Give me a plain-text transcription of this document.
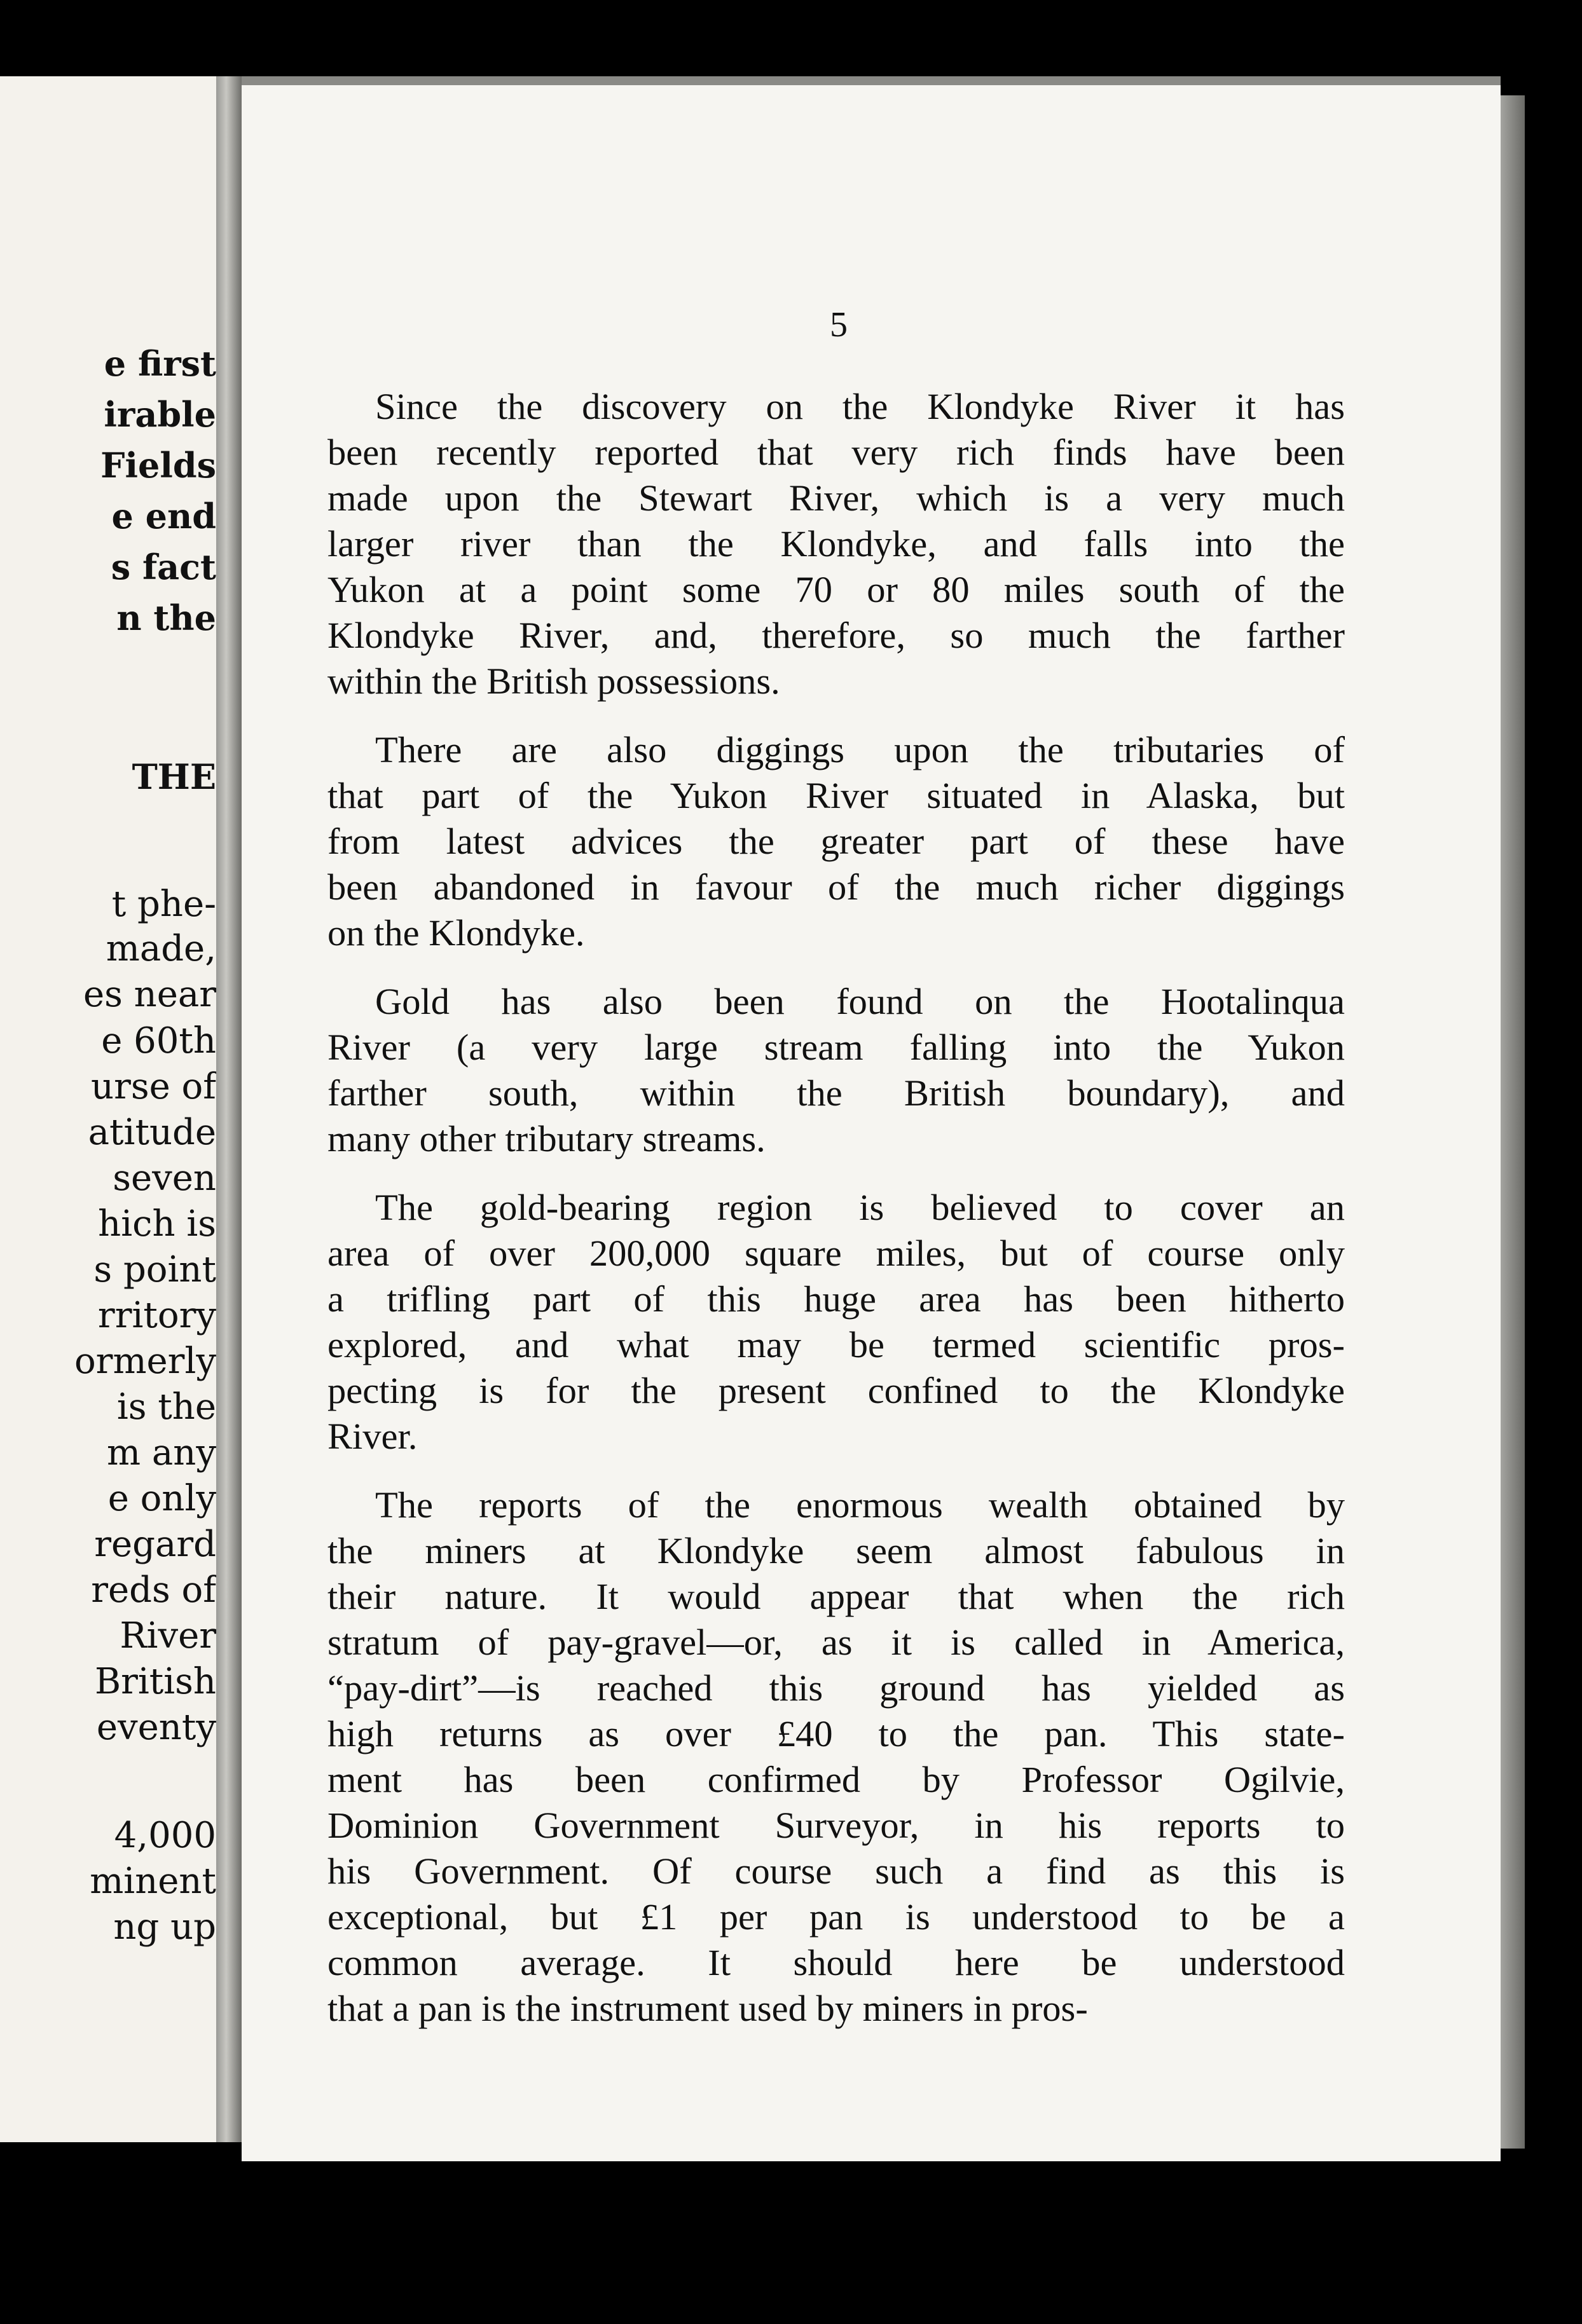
e first
irable
Fields
e end
s fact
n the
THE
t phe-
made,
es near
e 60th
urse of
atitude
seven
hich is
s point
rritory
ormerly
is the
m any
e only
regard
reds of
River
British
eventy
4,000
minent
ng up
5
Since the discovery on the Klondyke River it has
been recently reported that very rich finds have been
made upon the Stewart River, which is a very much
larger river than the Klondyke, and falls into the
Yukon at a point some 70 or 80 miles south of the
Klondyke River, and, therefore, so much the farther
within the British possessions.
There are also diggings upon the tributaries of
that part of the Yukon River situated in Alaska, but
from latest advices the greater part of these have
been abandoned in favour of the much richer diggings
on the Klondyke.
Gold has also been found on the Hootalinqua
River (a very large stream falling into the Yukon
farther south, within the British boundary), and
many other tributary streams.
The gold-bearing region is believed to cover an
area of over 200,000 square miles, but of course only
a trifling part of this huge area has been hitherto
explored, and what may be termed scientific pros-
pecting is for the present confined to the Klondyke
River.
The reports of the enormous wealth obtained by
the miners at Klondyke seem almost fabulous in
their nature. It would appear that when the rich
stratum of pay-gravel—or, as it is called in America,
“pay-dirt”—is reached this ground has yielded as
high returns as over £40 to the pan. This state-
ment has been confirmed by Professor Ogilvie,
Dominion Government Surveyor, in his reports to
his Government. Of course such a find as this is
exceptional, but £1 per pan is understood to be a
common average. It should here be understood
that a pan is the instrument used by miners in pros-
